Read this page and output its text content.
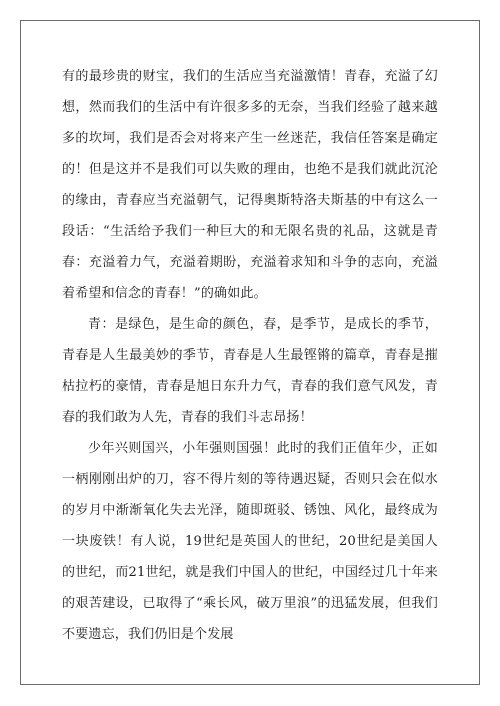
有的最珍贵的财宝，我们的生活应当充溢激情！青春，充溢了幻想，然而我们的生活中有许很多多的无奈，当我们经验了越来越多的坎坷，我们是否会对将来产生一丝迷茫，我信任答案是确定的！但是这并不是我们可以失败的理由，也绝不是我们就此沉沦的缘由，青春应当充溢朝气，记得奥斯特洛夫斯基的中有这么一段话：“生活给予我们一种巨大的和无限名贵的礼品，这就是青春：充溢着力气，充溢着期盼，充溢着求知和斗争的志向，充溢着希望和信念的青春！”的确如此。

青：是绿色，是生命的颜色，春，是季节，是成长的季节，青春是人生最美妙的季节，青春是人生最铿锵的篇章，青春是摧枯拉朽的豪情，青春是旭日东升力气，青春的我们意气风发，青春的我们敢为人先，青春的我们斗志昂扬！

少年兴则国兴，小年强则国强！此时的我们正值年少，正如一柄刚刚出炉的刀，容不得片刻的等待遇迟疑，否则只会在似水的岁月中渐渐氧化失去光泽，随即斑驳、锈蚀、风化，最终成为一块废铁！有人说，19世纪是英国人的世纪，20世纪是美国人的世纪，而21世纪，就是我们中国人的世纪，中国经过几十年来的艰苦建设，已取得了“乘长风，破万里浪”的迅猛发展，但我们不要遗忘，我们仍旧是个发展
